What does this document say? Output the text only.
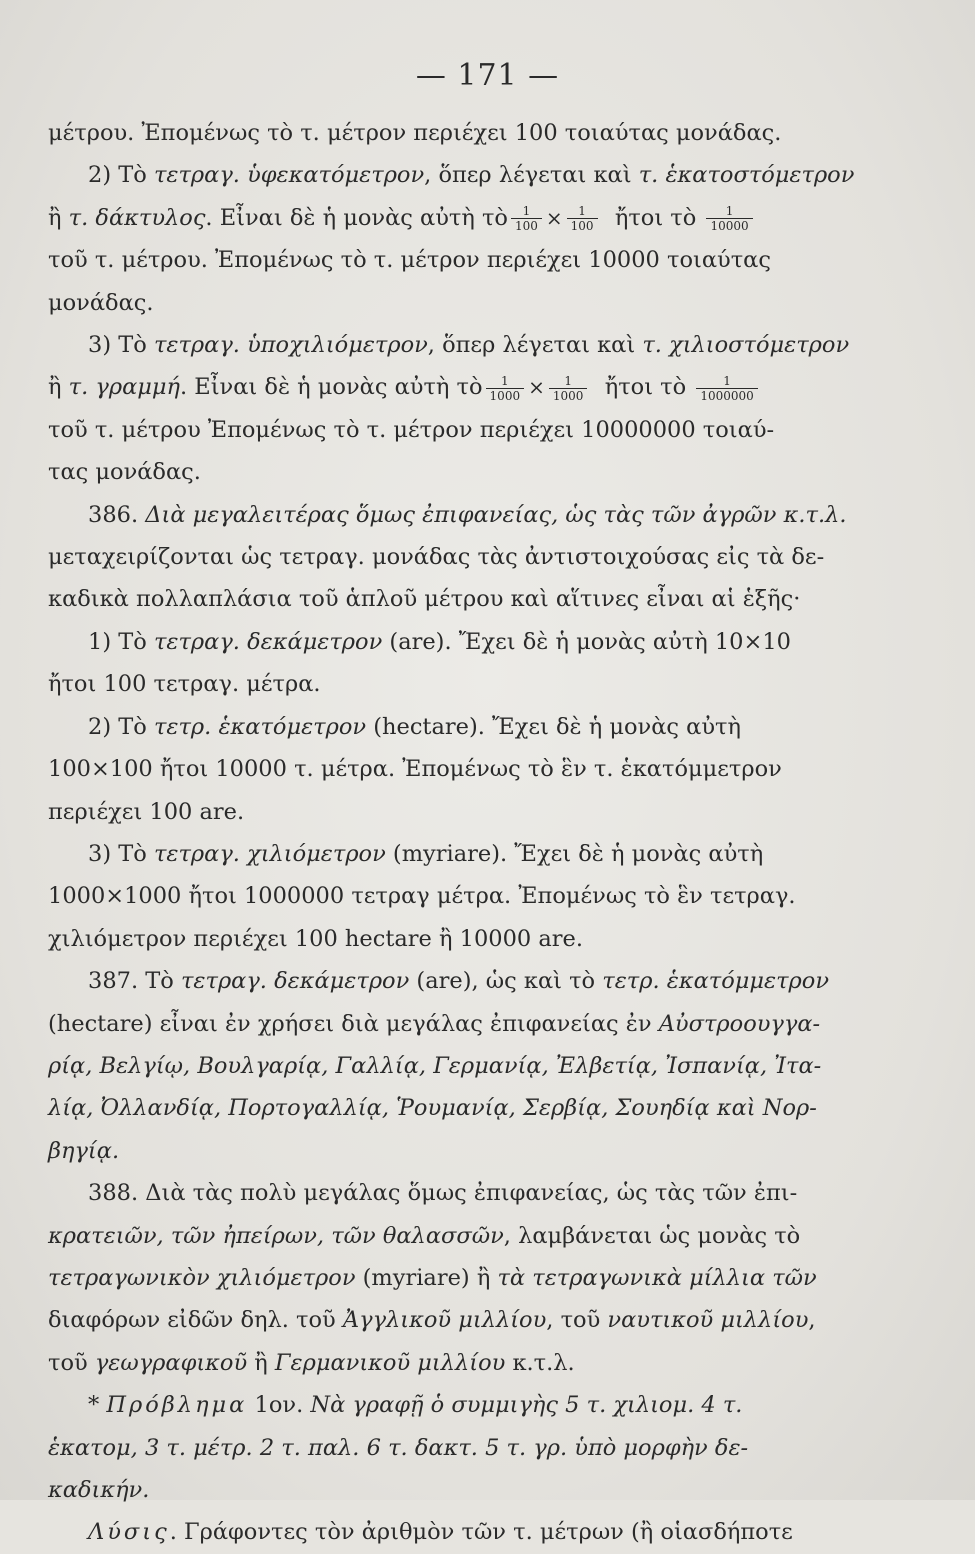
— 171 —
μέτρου. Ἐπομένως τὸ τ. μέτρον περιέχει 100 τοιαύτας μονάδας.
2) Τὸ τετραγ. ὑφεκατόμετρον, ὅπερ λέγεται καὶ τ. ἑκατοστόμετρον
ἢ τ. δάκτυλος. Εἶναι δὲ ἡ μονὰς αὐτὴ τὸ $\frac{1}{100} \times \frac{1}{100}$ ἤτοι τὸ $\frac{1}{10000}$
τοῦ τ. μέτρου. Ἐπομένως τὸ τ. μέτρον περιέχει 10000 τοιαύτας
μονάδας.
3) Τὸ τετραγ. ὑποχιλιόμετρον, ὅπερ λέγεται καὶ τ. χιλιοστόμετρον
ἢ τ. γραμμή. Εἶναι δὲ ἡ μονὰς αὐτὴ τὸ $\frac{1}{1000} \times \frac{1}{1000}$ ἤτοι τὸ $\frac{1}{1000000}$
τοῦ τ. μέτρου Ἐπομένως τὸ τ. μέτρον περιέχει 10000000 τοιαύ-
τας μονάδας.
386. Διὰ μεγαλειτέρας ὅμως ἐπιφανείας, ὡς τὰς τῶν ἀγρῶν κ.τ.λ.
μεταχειρίζονται ὡς τετραγ. μονάδας τὰς ἀντιστοιχούσας εἰς τὰ δε-
καδικὰ πολλαπλάσια τοῦ ἁπλοῦ μέτρου καὶ αἵτινες εἶναι αἱ ἑξῆς·
1) Τὸ τετραγ. δεκάμετρον (are). Ἔχει δὲ ἡ μονὰς αὐτὴ 10×10
ἤτοι 100 τετραγ. μέτρα.
2) Τὸ τετρ. ἑκατόμετρον (hectare). Ἔχει δὲ ἡ μονὰς αὐτὴ
100×100 ἤτοι 10000 τ. μέτρα. Ἐπομένως τὸ ἓν τ. ἑκατόμμετρον
περιέχει 100 are.
3) Τὸ τετραγ. χιλιόμετρον (myriare). Ἔχει δὲ ἡ μονὰς αὐτὴ
1000×1000 ἤτοι 1000000 τετραγ μέτρα. Ἐπομένως τὸ ἓν τετραγ.
χιλιόμετρον περιέχει 100 hectare ἢ 10000 are.
387. Τὸ τετραγ. δεκάμετρον (are), ὡς καὶ τὸ τετρ. ἑκατόμμετρον
(hectare) εἶναι ἐν χρήσει διὰ μεγάλας ἐπιφανείας ἐν Αὐστροουγγα-
ρίᾳ, Βελγίῳ, Βουλγαρίᾳ, Γαλλίᾳ, Γερμανίᾳ, Ἐλβετίᾳ, Ἰσπανίᾳ, Ἰτα-
λίᾳ, Ὀλλανδίᾳ, Πορτογαλλίᾳ, Ῥουμανίᾳ, Σερβίᾳ, Σουηδίᾳ καὶ Νορ-
βηγίᾳ.
388. Διὰ τὰς πολὺ μεγάλας ὅμως ἐπιφανείας, ὡς τὰς τῶν ἐπι-
κρατειῶν, τῶν ἠπείρων, τῶν θαλασσῶν, λαμβάνεται ὡς μονὰς τὸ
τετραγωνικὸν χιλιόμετρον (myriare) ἢ τὰ τετραγωνικὰ μίλλια τῶν
διαφόρων εἰδῶν δηλ. τοῦ Ἀγγλικοῦ μιλλίου, τοῦ ναυτικοῦ μιλλίου,
τοῦ γεωγραφικοῦ ἢ Γερμανικοῦ μιλλίου κ.τ.λ.
* Πρόβλημα 1ον. Νὰ γραφῇ ὁ συμμιγὴς 5 τ. χιλιομ. 4 τ.
ἑκατομ, 3 τ. μέτρ. 2 τ. παλ. 6 τ. δακτ. 5 τ. γρ. ὑπὸ μορφὴν δε-
καδικήν.
Λύσις. Γράφοντες τὸν ἀριθμὸν τῶν τ. μέτρων (ἢ οἱασδήποτε
